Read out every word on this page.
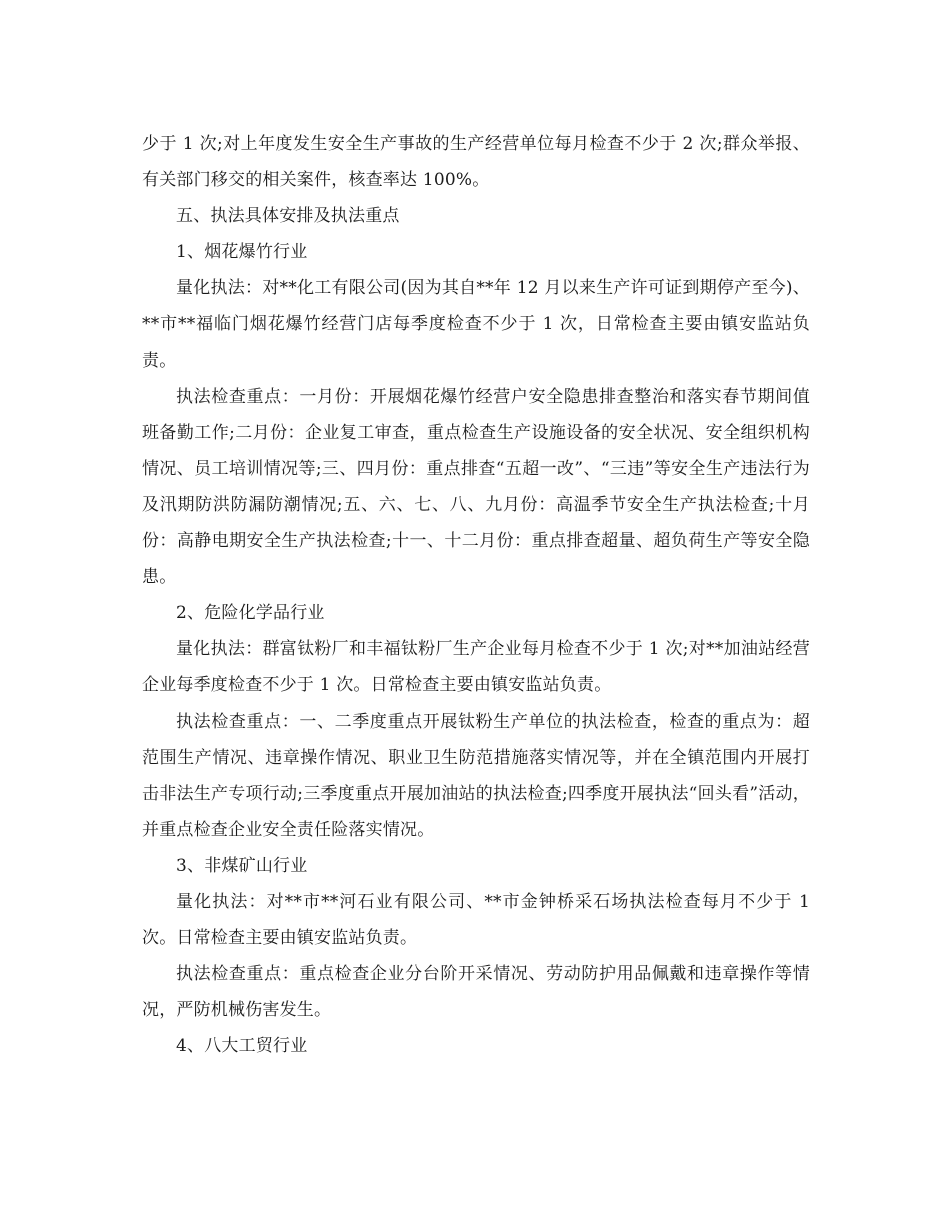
少于 1 次;对上年度发生安全生产事故的生产经营单位每月检查不少于 2 次;群众举报、有关部门移交的相关案件，核查率达 100%。

五、执法具体安排及执法重点

1、烟花爆竹行业

量化执法：对**化工有限公司(因为其自**年 12 月以来生产许可证到期停产至今)、**市**福临门烟花爆竹经营门店每季度检查不少于 1 次，日常检查主要由镇安监站负责。

执法检查重点：一月份：开展烟花爆竹经营户安全隐患排查整治和落实春节期间值班备勤工作;二月份：企业复工审查，重点检查生产设施设备的安全状况、安全组织机构情况、员工培训情况等;三、四月份：重点排查“五超一改”、“三违”等安全生产违法行为及汛期防洪防漏防潮情况;五、六、七、八、九月份：高温季节安全生产执法检查;十月份：高静电期安全生产执法检查;十一、十二月份：重点排查超量、超负荷生产等安全隐患。

2、危险化学品行业

量化执法：群富钛粉厂和丰福钛粉厂生产企业每月检查不少于 1 次;对**加油站经营企业每季度检查不少于 1 次。日常检查主要由镇安监站负责。

执法检查重点：一、二季度重点开展钛粉生产单位的执法检查，检查的重点为：超范围生产情况、违章操作情况、职业卫生防范措施落实情况等，并在全镇范围内开展打击非法生产专项行动;三季度重点开展加油站的执法检查;四季度开展执法“回头看”活动，并重点检查企业安全责任险落实情况。

3、非煤矿山行业

量化执法：对**市**河石业有限公司、**市金钟桥采石场执法检查每月不少于 1 次。日常检查主要由镇安监站负责。

执法检查重点：重点检查企业分台阶开采情况、劳动防护用品佩戴和违章操作等情况，严防机械伤害发生。

4、八大工贸行业
